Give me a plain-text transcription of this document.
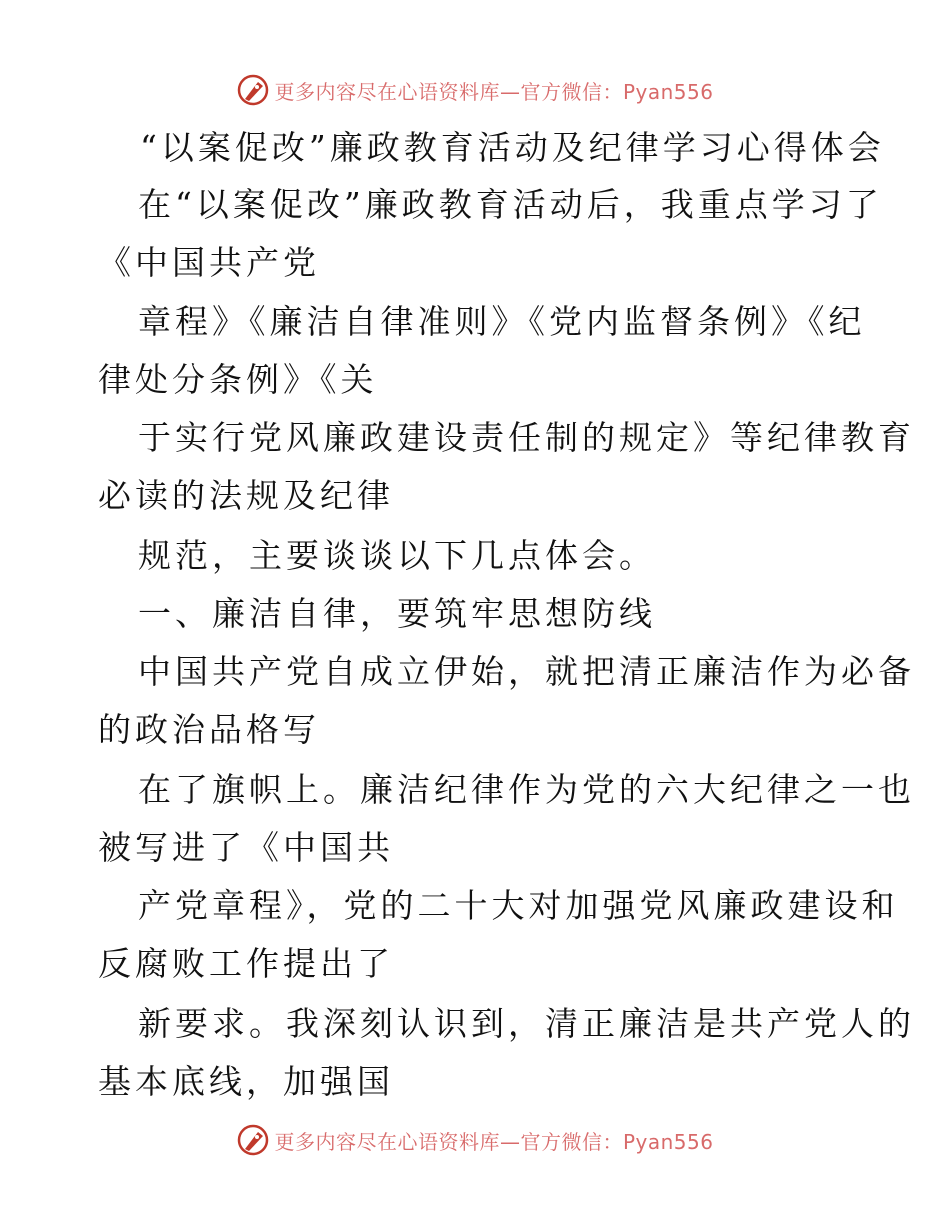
更多内容尽在心语资料库—官方微信：Pyan556
“以案促改”廉政教育活动及纪律学习心得体会
在“以案促改”廉政教育活动后，我重点学习了
《中国共产党
章程》《廉洁自律准则》《党内监督条例》《纪
律处分条例》《关
于实行党风廉政建设责任制的规定》等纪律教育
必读的法规及纪律
规范，主要谈谈以下几点体会。
一、廉洁自律，要筑牢思想防线
中国共产党自成立伊始，就把清正廉洁作为必备
的政治品格写
在了旗帜上。廉洁纪律作为党的六大纪律之一也
被写进了《中国共
产党章程》，党的二十大对加强党风廉政建设和
反腐败工作提出了
新要求。我深刻认识到，清正廉洁是共产党人的
基本底线，加强国
更多内容尽在心语资料库—官方微信：Pyan556
